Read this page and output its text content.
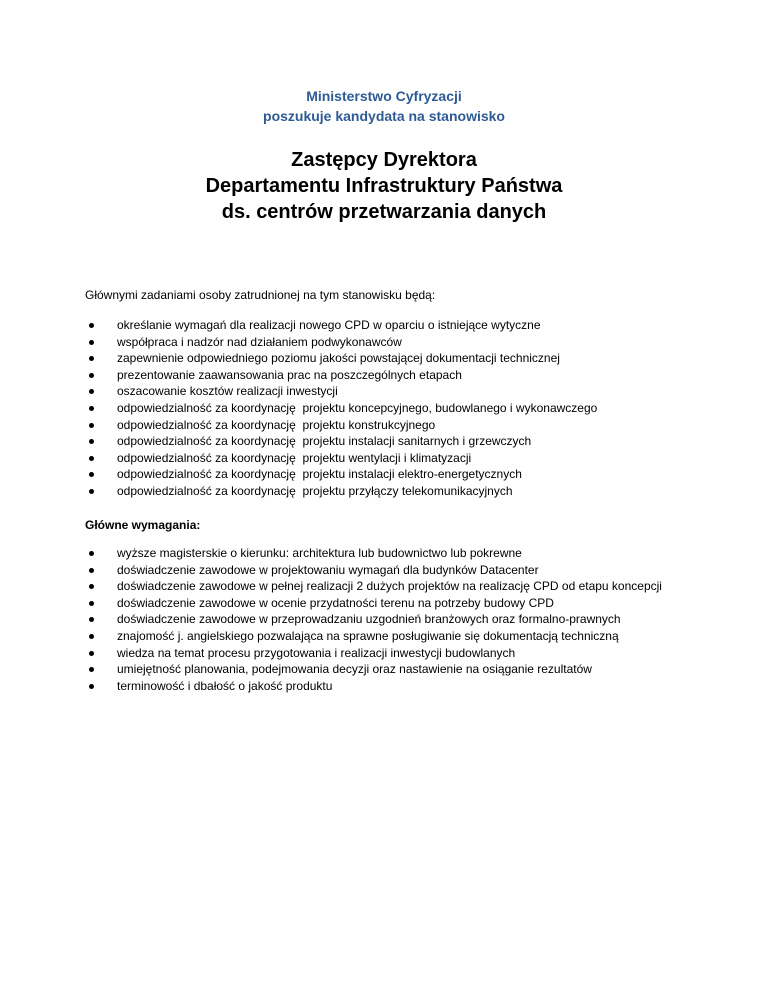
Ministerstwo Cyfryzacji
poszukuje kandydata na stanowisko
Zastępcy Dyrektora
Departamentu Infrastruktury Państwa
ds. centrów przetwarzania danych
Głównymi zadaniami osoby zatrudnionej na tym stanowisku będą:
określanie wymagań dla realizacji nowego CPD w oparciu o istniejące wytyczne
współpraca i nadzór nad działaniem podwykonawców
zapewnienie odpowiedniego poziomu jakości powstającej dokumentacji technicznej
prezentowanie zaawansowania prac na poszczególnych etapach
oszacowanie kosztów realizacji inwestycji
odpowiedzialność za koordynację  projektu koncepcyjnego, budowlanego i wykonawczego
odpowiedzialność za koordynację  projektu konstrukcyjnego
odpowiedzialność za koordynację  projektu instalacji sanitarnych i grzewczych
odpowiedzialność za koordynację  projektu wentylacji i klimatyzacji
odpowiedzialność za koordynację  projektu instalacji elektro-energetycznych
odpowiedzialność za koordynację  projektu przyłączy telekomunikacyjnych
Główne wymagania:
wyższe magisterskie o kierunku: architektura lub budownictwo lub pokrewne
doświadczenie zawodowe w projektowaniu wymagań dla budynków Datacenter
doświadczenie zawodowe w pełnej realizacji 2 dużych projektów na realizację CPD od etapu koncepcji
doświadczenie zawodowe w ocenie przydatności terenu na potrzeby budowy CPD
doświadczenie zawodowe w przeprowadzaniu uzgodnień branżowych oraz formalno-prawnych
znajomość j. angielskiego pozwalająca na sprawne posługiwanie się dokumentacją techniczną
wiedza na temat procesu przygotowania i realizacji inwestycji budowlanych
umiejętność planowania, podejmowania decyzji oraz nastawienie na osiąganie rezultatów
terminowość i dbałość o jakość produktu
